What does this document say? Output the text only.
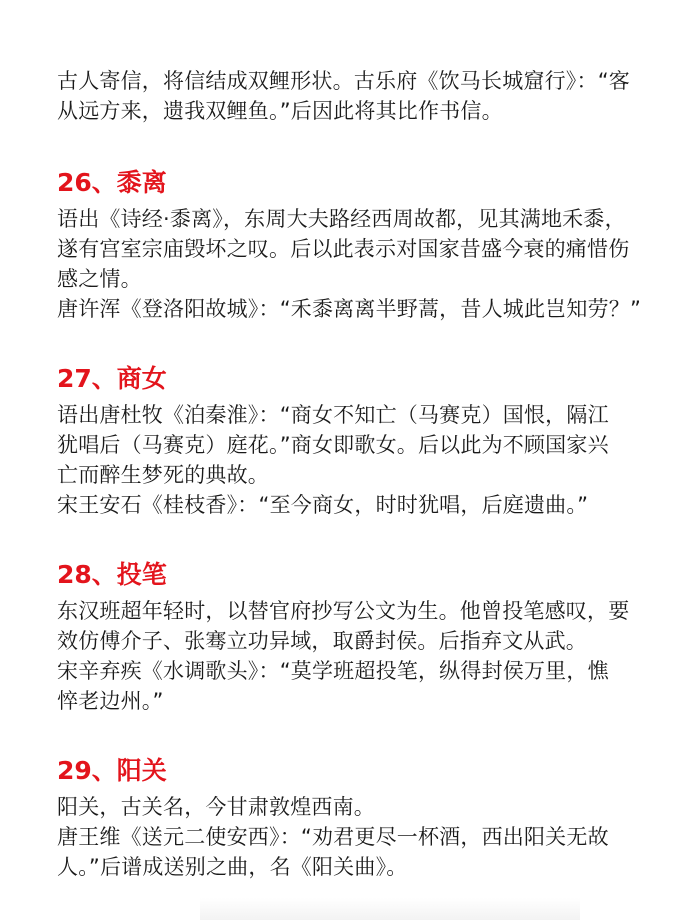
古人寄信，将信结成双鲤形状。古乐府《饮马长城窟行》：“客

从远方来，遗我双鲤鱼。”后因此将其比作书信。

26、黍离

语出《诗经·黍离》，东周大夫路经西周故都，见其满地禾黍，

遂有宫室宗庙毁坏之叹。后以此表示对国家昔盛今衰的痛惜伤

感之情。

唐许浑《登洛阳故城》：“禾黍离离半野蒿，昔人城此岂知劳？”

27、商女

语出唐杜牧《泊秦淮》：“商女不知亡（马赛克）国恨，隔江

犹唱后（马赛克）庭花。”商女即歌女。后以此为不顾国家兴

亡而醉生梦死的典故。

宋王安石《桂枝香》：“至今商女，时时犹唱，后庭遗曲。”

28、投笔

东汉班超年轻时，以替官府抄写公文为生。他曾投笔感叹，要

效仿傅介子、张骞立功异域，取爵封侯。后指弃文从武。

宋辛弃疾《水调歌头》：“莫学班超投笔，纵得封侯万里，憔

悴老边州。”

29、阳关

阳关，古关名，今甘肃敦煌西南。

唐王维《送元二使安西》：“劝君更尽一杯酒，西出阳关无故

人。”后谱成送别之曲，名《阳关曲》。
